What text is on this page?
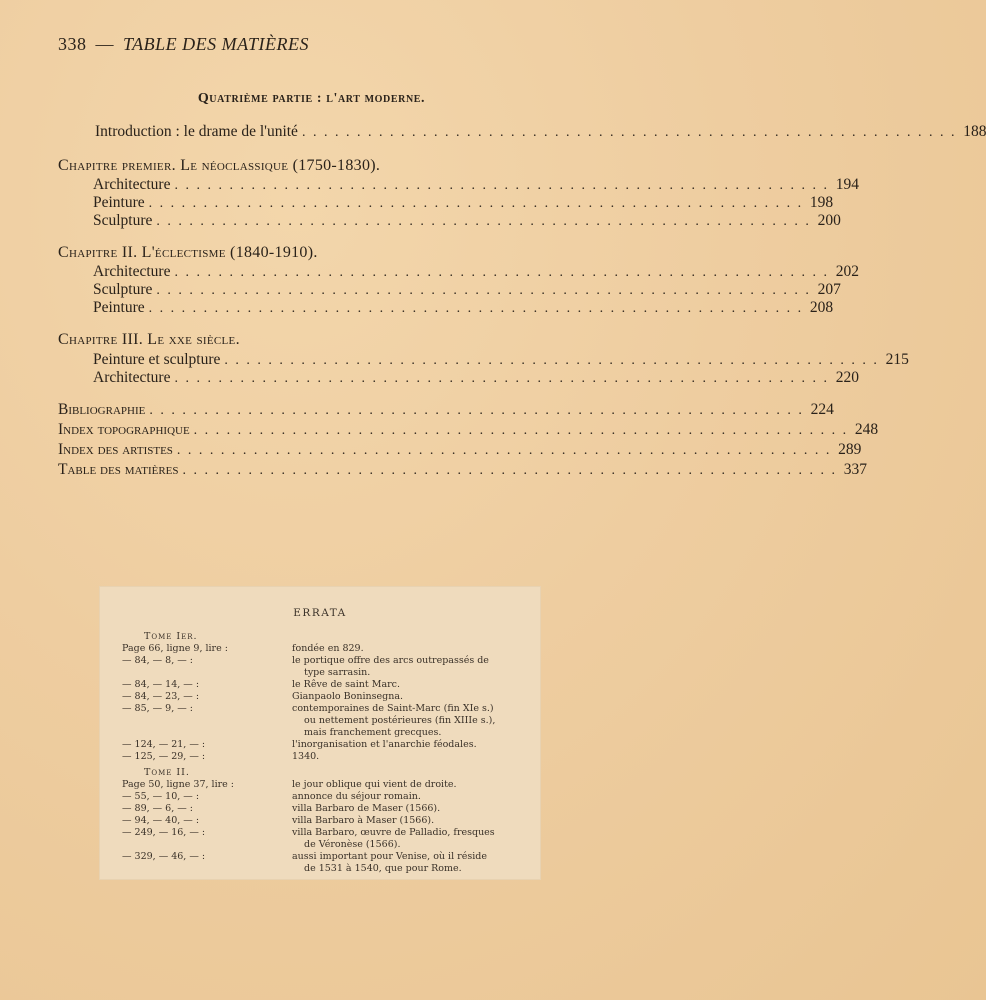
338 — TABLE DES MATIÈRES
Quatrième partie : l'art moderne.
Introduction : le drame de l'unité . . . . . . . . . . . . . . . . . . . . . . . . . . . . . . . . . . . . . . . . . . . . . . . . . . . . . . . . . . . . 188
Chapitre premier. Le néoclassique (1750-1830).
Architecture . . . . . . . . . . . . . . . . . . . . . . . . . . . . . . . . . . . . . . . . . . . . . . . . . . . . . . . . . . . . 194
Peinture . . . . . . . . . . . . . . . . . . . . . . . . . . . . . . . . . . . . . . . . . . . . . . . . . . . . . . . . . . . . 198
Sculpture . . . . . . . . . . . . . . . . . . . . . . . . . . . . . . . . . . . . . . . . . . . . . . . . . . . . . . . . . . . . 200
Chapitre II. L'éclectisme (1840-1910).
Architecture . . . . . . . . . . . . . . . . . . . . . . . . . . . . . . . . . . . . . . . . . . . . . . . . . . . . . . . . . . . . 202
Sculpture . . . . . . . . . . . . . . . . . . . . . . . . . . . . . . . . . . . . . . . . . . . . . . . . . . . . . . . . . . . . 207
Peinture . . . . . . . . . . . . . . . . . . . . . . . . . . . . . . . . . . . . . . . . . . . . . . . . . . . . . . . . . . . . 208
Chapitre III. Le xxe siècle.
Peinture et sculpture . . . . . . . . . . . . . . . . . . . . . . . . . . . . . . . . . . . . . . . . . . . . . . . . . . . . . . . . . . . . 215
Architecture . . . . . . . . . . . . . . . . . . . . . . . . . . . . . . . . . . . . . . . . . . . . . . . . . . . . . . . . . . . . 220
Bibliographie . . . . . . . . . . . . . . . . . . . . . . . . . . . . . . . . . . . . . . . . . . . . . . . . . . . . . . . . . . . . 224
Index topographique . . . . . . . . . . . . . . . . . . . . . . . . . . . . . . . . . . . . . . . . . . . . . . . . . . . . . . . . . . . . 248
Index des artistes . . . . . . . . . . . . . . . . . . . . . . . . . . . . . . . . . . . . . . . . . . . . . . . . . . . . . . . . . . . . 289
Table des matières . . . . . . . . . . . . . . . . . . . . . . . . . . . . . . . . . . . . . . . . . . . . . . . . . . . . . . . . . . . . 337
ERRATA
Tome Ier.
Page 66, ligne 9, lire :	fondée en 829.
— 84, — 8, — :	le portique offre des arcs outrepassés de
type sarrasin.
— 84, — 14, — :	le Rêve de saint Marc.
— 84, — 23, — :	Gianpaolo Boninsegna.
— 85, — 9, — :	contemporaines de Saint-Marc (fin XIe s.)
ou nettement postérieures (fin XIIIe s.),
mais franchement grecques.
— 124, — 21, — :	l'inorganisation et l'anarchie féodales.
— 125, — 29, — :	1340.
Tome II.
Page 50, ligne 37, lire :	le jour oblique qui vient de droite.
— 55, — 10, — :	annonce du séjour romain.
— 89, — 6, — :	villa Barbaro de Maser (1566).
— 94, — 40, — :	villa Barbaro à Maser (1566).
— 249, — 16, — :	villa Barbaro, œuvre de Palladio, fresques
de Véronèse (1566).
— 329, — 46, — :	aussi important pour Venise, où il réside
de 1531 à 1540, que pour Rome.
